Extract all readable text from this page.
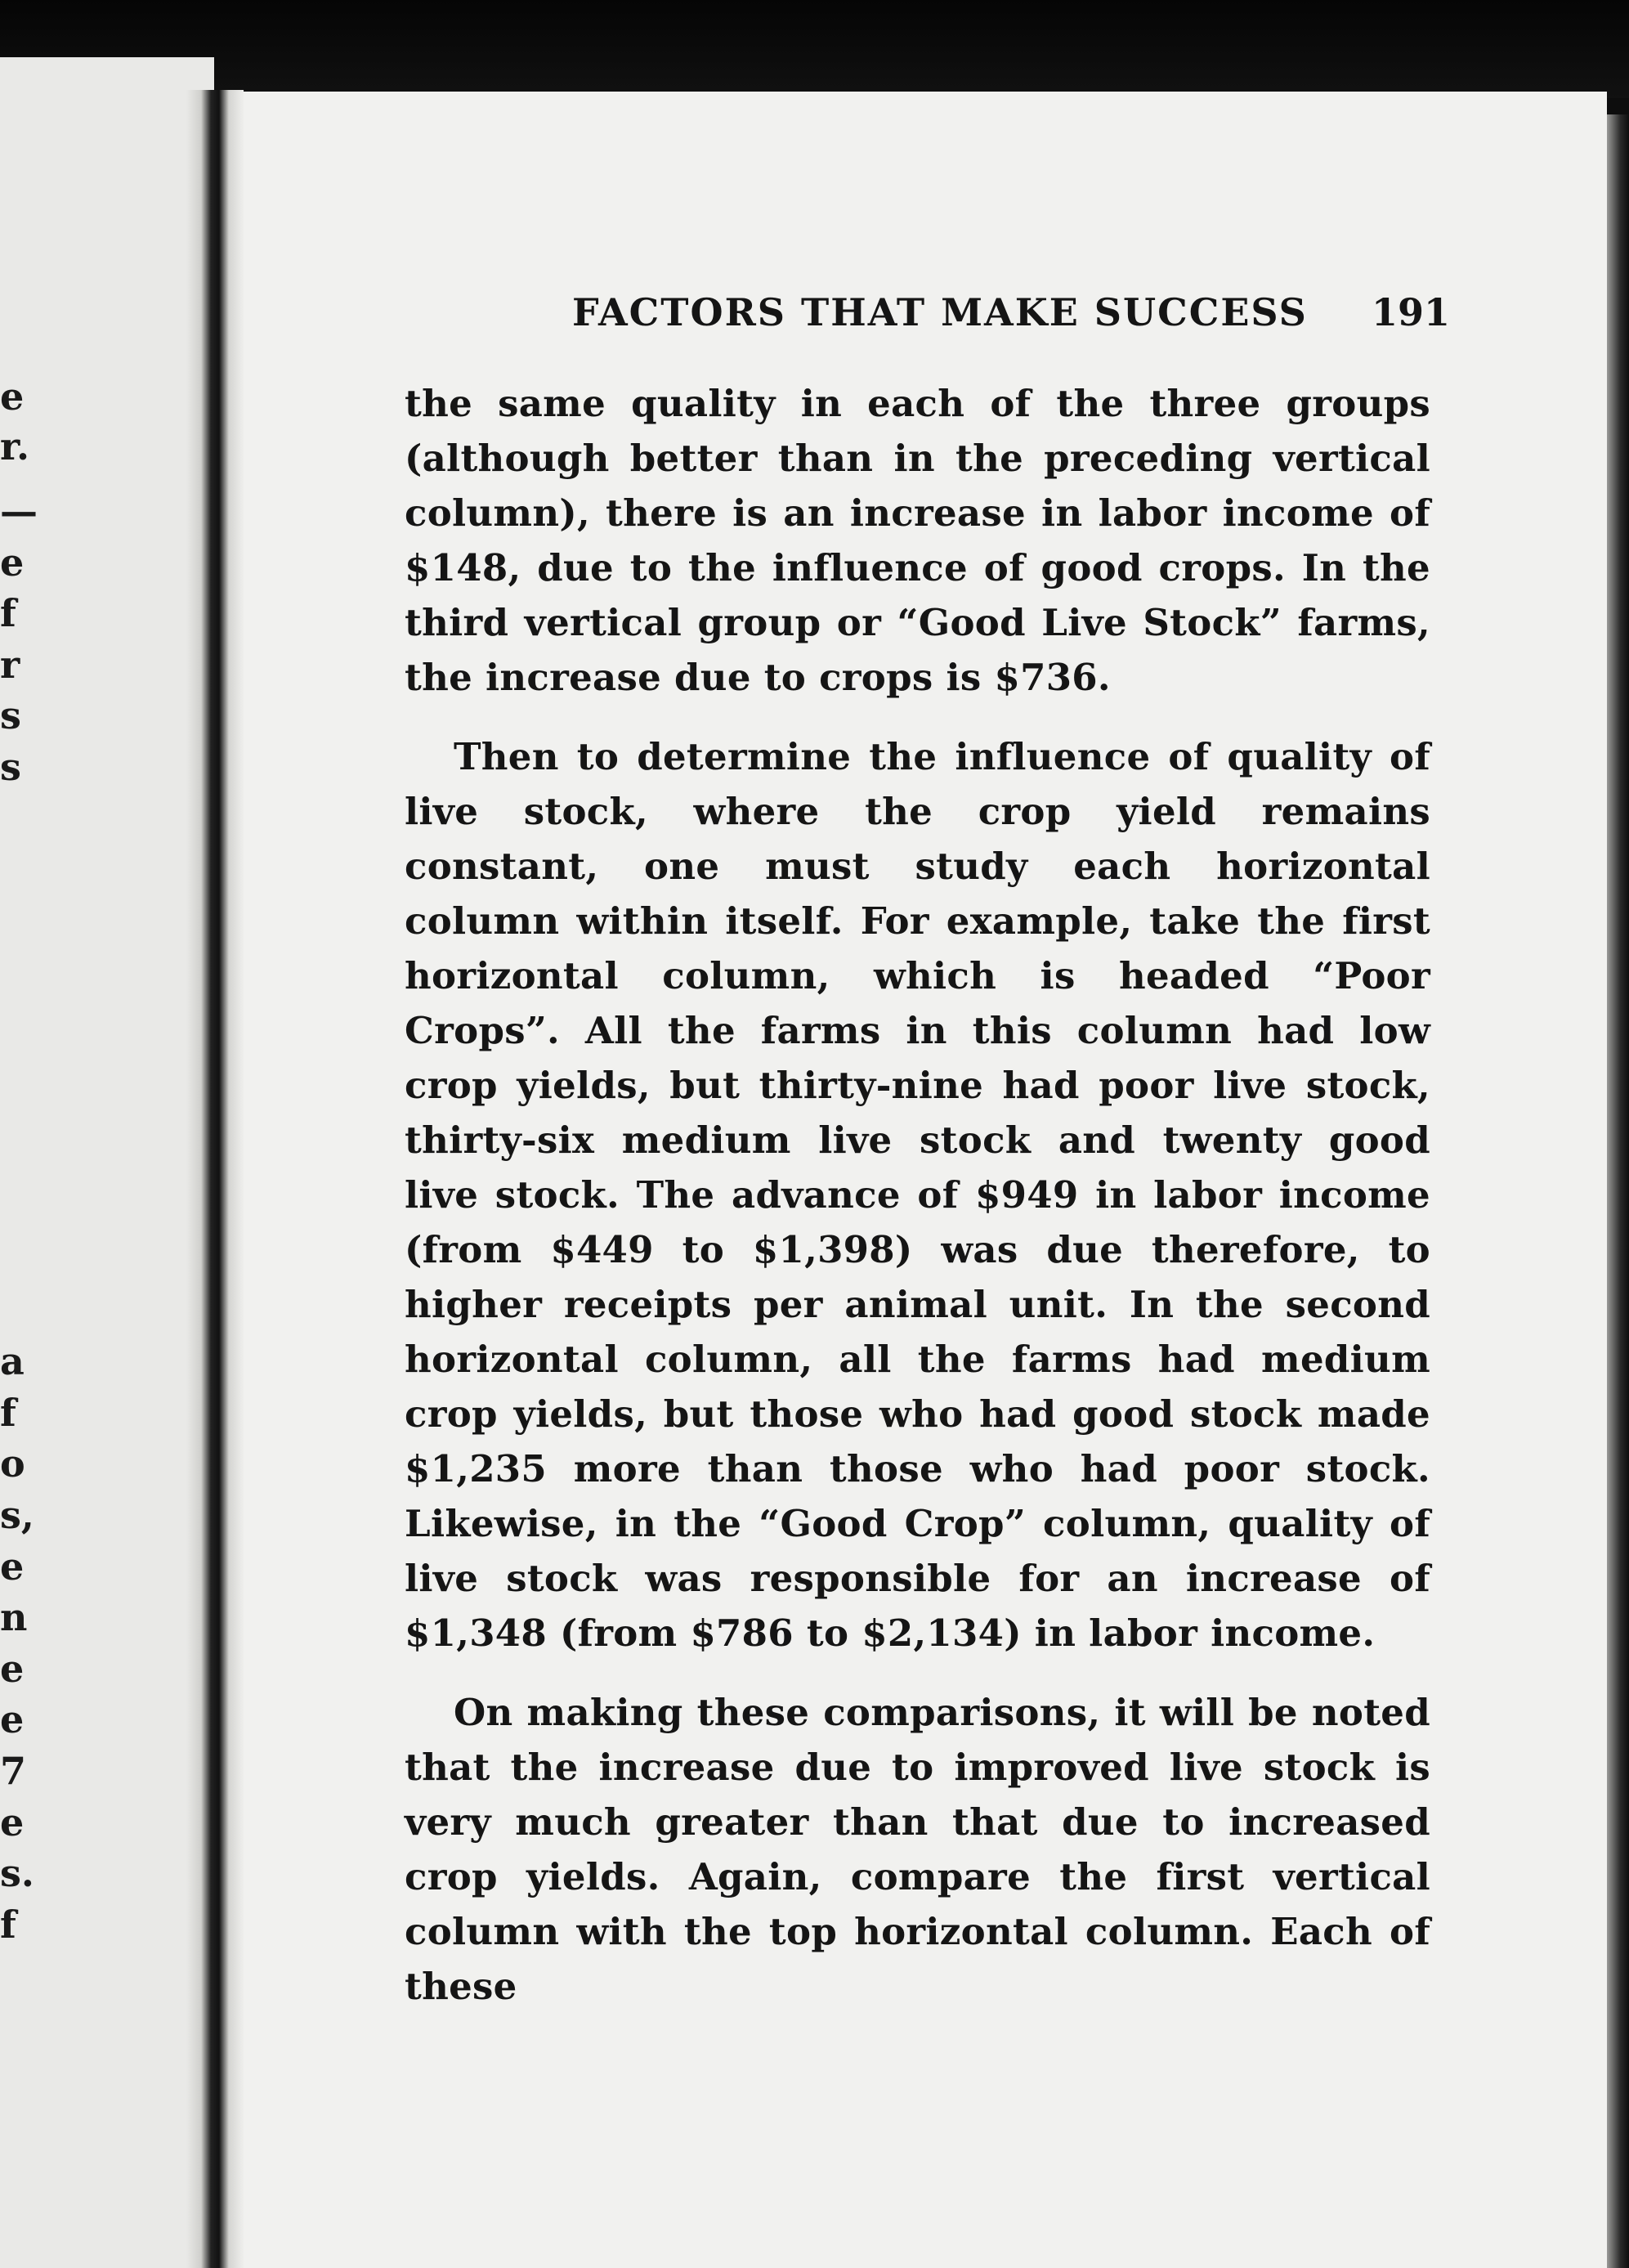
e
r.
—
e
f
r
s
s
a
f
o
s,
e
n
e
e
7
e
s.
f
FACTORS THAT MAKE SUCCESS	191

the same quality in each of the three groups (although better than in the preceding vertical column), there is an increase in labor income of $148, due to the influence of good crops. In the third vertical group or “Good Live Stock” farms, the increase due to crops is $736.

Then to determine the influence of quality of live stock, where the crop yield remains constant, one must study each horizontal column within itself. For example, take the first horizontal column, which is headed “Poor Crops”. All the farms in this column had low crop yields, but thirty-nine had poor live stock, thirty-six medium live stock and twenty good live stock. The advance of $949 in labor income (from $449 to $1,398) was due therefore, to higher receipts per animal unit. In the second horizontal column, all the farms had medium crop yields, but those who had good stock made $1,235 more than those who had poor stock. Likewise, in the “Good Crop” column, quality of live stock was responsible for an increase of $1,348 (from $786 to $2,134) in labor income.

On making these comparisons, it will be noted that the increase due to improved live stock is very much greater than that due to increased crop yields. Again, compare the first vertical column with the top horizontal column. Each of these
